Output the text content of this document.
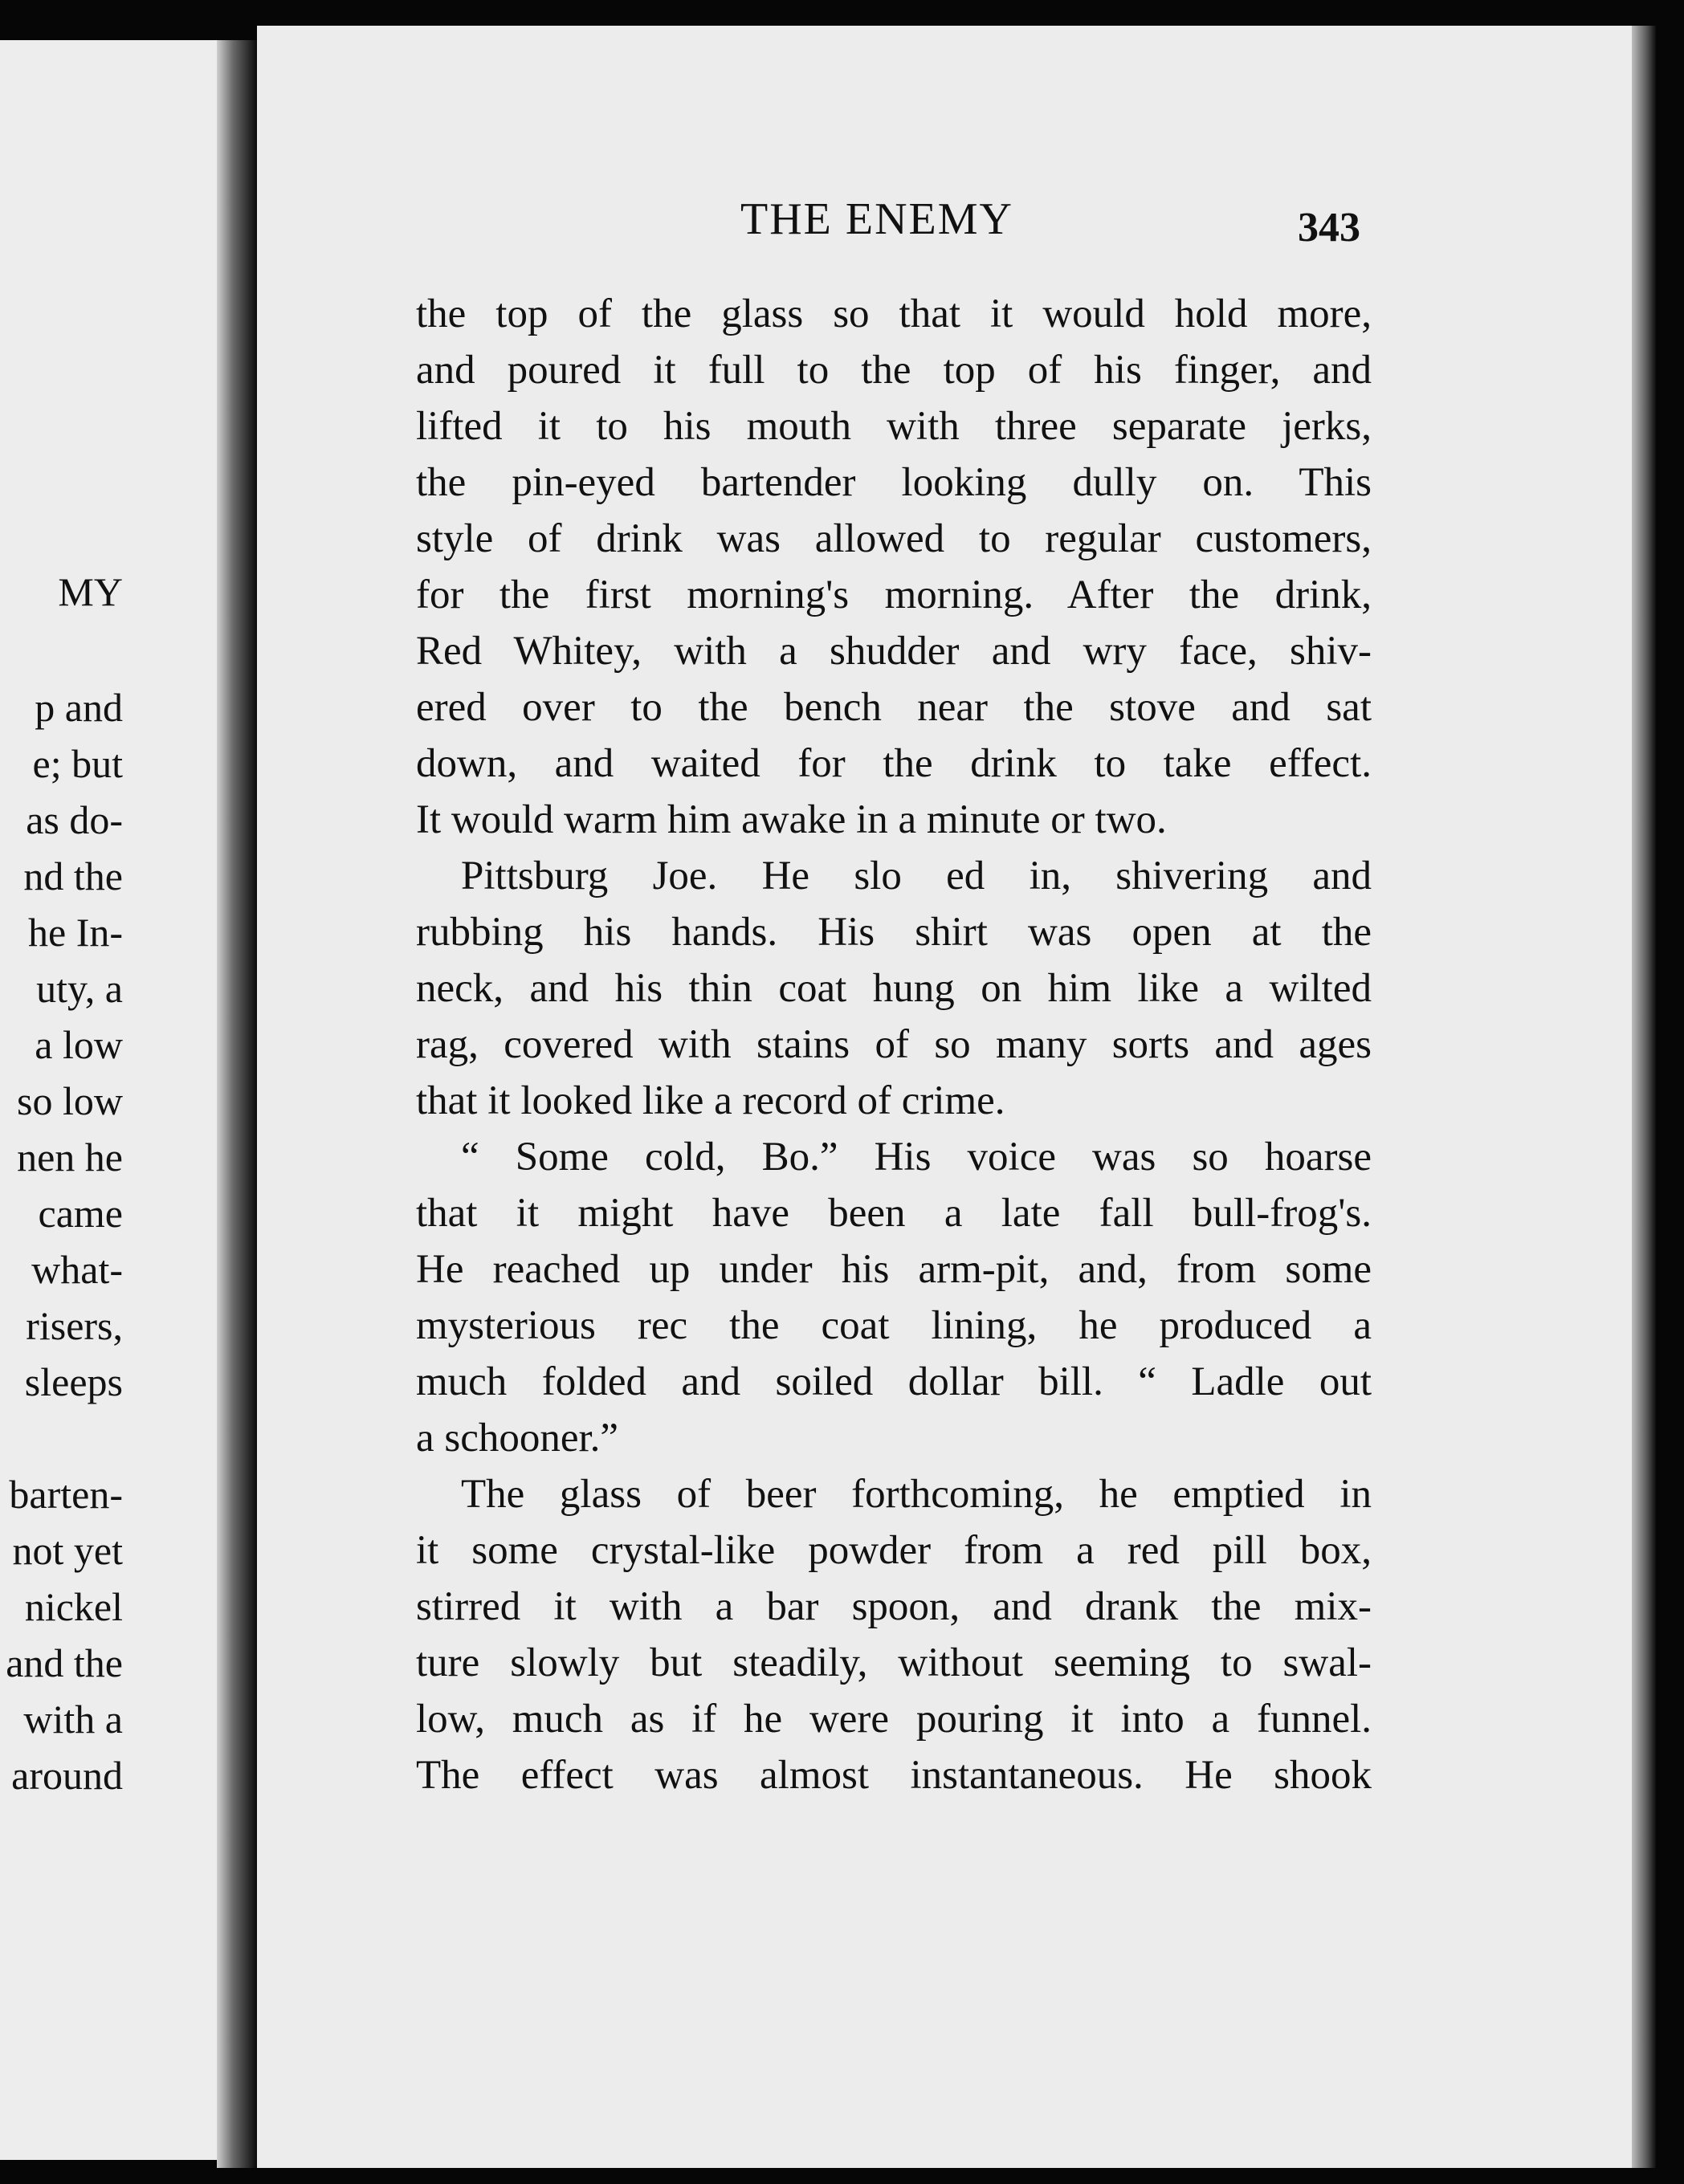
MY
p and
e; but
as do-
nd the
he In-
uty, a
a low
so low
nen he
came
what-
risers,
sleeps
barten-
not yet
nickel
and the
with a
around
THE ENEMY	343
the top of the glass so that it would hold more,
and poured it full to the top of his finger, and
lifted it to his mouth with three separate jerks,
the pin-eyed bartender looking dully on. This
style of drink was allowed to regular customers,
for the first morning's morning. After the drink,
Red Whitey, with a shudder and wry face, shiv-
ered over to the bench near the stove and sat
down, and waited for the drink to take effect.
It would warm him awake in a minute or two.
Pittsburg Joe. He slo ed in, shivering and
rubbing his hands. His shirt was open at the
neck, and his thin coat hung on him like a wilted
rag, covered with stains of so many sorts and ages
that it looked like a record of crime.
“ Some cold, Bo.” His voice was so hoarse
that it might have been a late fall bull-frog's.
He reached up under his arm-pit, and, from some
mysterious rec the coat lining, he produced a
much folded and soiled dollar bill. “ Ladle out
a schooner.”
The glass of beer forthcoming, he emptied in
it some crystal-like powder from a red pill box,
stirred it with a bar spoon, and drank the mix-
ture slowly but steadily, without seeming to swal-
low, much as if he were pouring it into a funnel.
The effect was almost instantaneous. He shook
